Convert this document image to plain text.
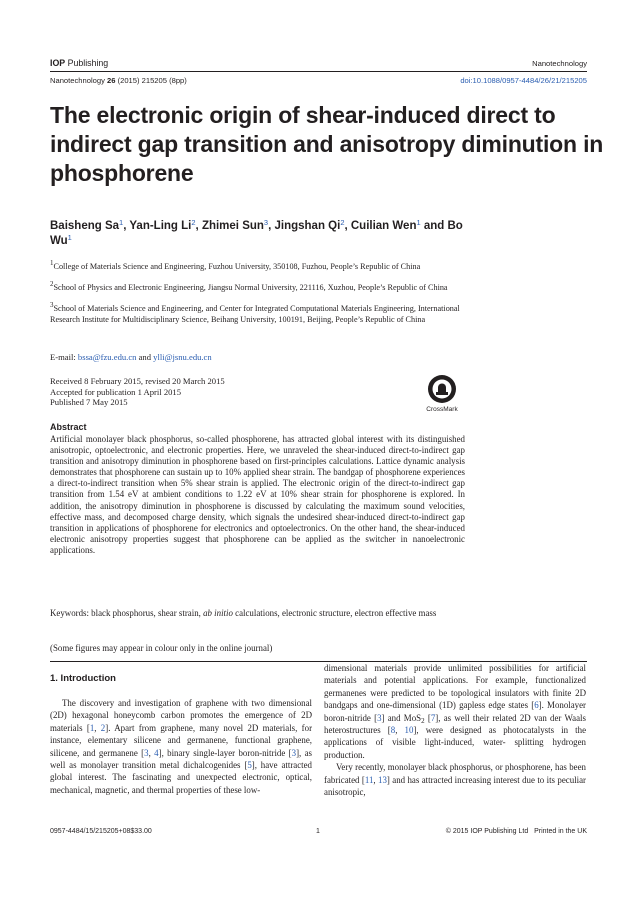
IOP Publishing	Nanotechnology
Nanotechnology 26 (2015) 215205 (8pp)	doi:10.1088/0957-4484/26/21/215205
The electronic origin of shear-induced direct to indirect gap transition and anisotropy diminution in phosphorene
Baisheng Sa$^1$, Yan-Ling Li$^2$, Zhimei Sun$^3$, Jingshan Qi$^2$, Cuilian Wen$^1$ and Bo Wu$^1$
$^1$College of Materials Science and Engineering, Fuzhou University, 350108, Fuzhou, People’s Republic of China
$^2$School of Physics and Electronic Engineering, Jiangsu Normal University, 221116, Xuzhou, People’s Republic of China
$^3$School of Materials Science and Engineering, and Center for Integrated Computational Materials Engineering, International Research Institute for Multidisciplinary Science, Beihang University, 100191, Beijing, People’s Republic of China
E-mail: bssa@fzu.edu.cn and ylli@jsnu.edu.cn
Received 8 February 2015, revised 20 March 2015
Accepted for publication 1 April 2015
Published 7 May 2015
CrossMark
Abstract
Artificial monolayer black phosphorus, so-called phosphorene, has attracted global interest with its distinguished anisotropic, optoelectronic, and electronic properties. Here, we unraveled the shear-induced direct-to-indirect gap transition and anisotropy diminution in phosphorene based on first-principles calculations. Lattice dynamic analysis demonstrates that phosphorene can sustain up to 10% applied shear strain. The bandgap of phosphorene experiences a direct-to-indirect transition when 5% shear strain is applied. The electronic origin of the direct-to-indirect gap transition from 1.54 eV at ambient conditions to 1.22 eV at 10% shear strain for phosphorene is explored. In addition, the anisotropy diminution in phosphorene is discussed by calculating the maximum sound velocities, effective mass, and decomposed charge density, which signals the undesired shear-induced direct-to-indirect gap transition in applications of phosphorene for electronics and optoelectronics. On the other hand, the shear-induced electronic anisotropy properties suggest that phosphorene can be applied as the switcher in nanoelectronic applications.
Keywords: black phosphorus, shear strain, ab initio calculations, electronic structure, electron effective mass
(Some figures may appear in colour only in the online journal)
1. Introduction

The discovery and investigation of graphene with two dimensional (2D) hexagonal honeycomb carbon promotes the emergence of 2D materials [1, 2]. Apart from graphene, many novel 2D materials, for instance, elementary silicene and germanene, functional graphene, silicene, and germanene [3, 4], binary single-layer boron-nitride [3], as well as monolayer transition metal dichalcogenides [5], have attracted global interest. The fascinating and unexpected electronic, optical, mechanical, magnetic, and thermal properties of these low-

dimensional materials provide unlimited possibilities for artificial materials and potential applications. For example, functionalized germanenes were predicted to be topological insulators with finite 2D bandgaps and one-dimensional (1D) gapless edge states [6]. Monolayer boron-nitride [3] and MoS$_2$ [7], as well their related 2D van der Waals heterostructures [8, 10], were designed as photocatalysts in the applications of visible light-induced, water- splitting hydrogen production.

Very recently, monolayer black phosphorus, or phosphorene, has been fabricated [11, 13] and has attracted increasing interest due to its peculiar anisotropic,

0957-4484/15/215205+08$33.00	1	© 2015 IOP Publishing Ltd   Printed in the UK
